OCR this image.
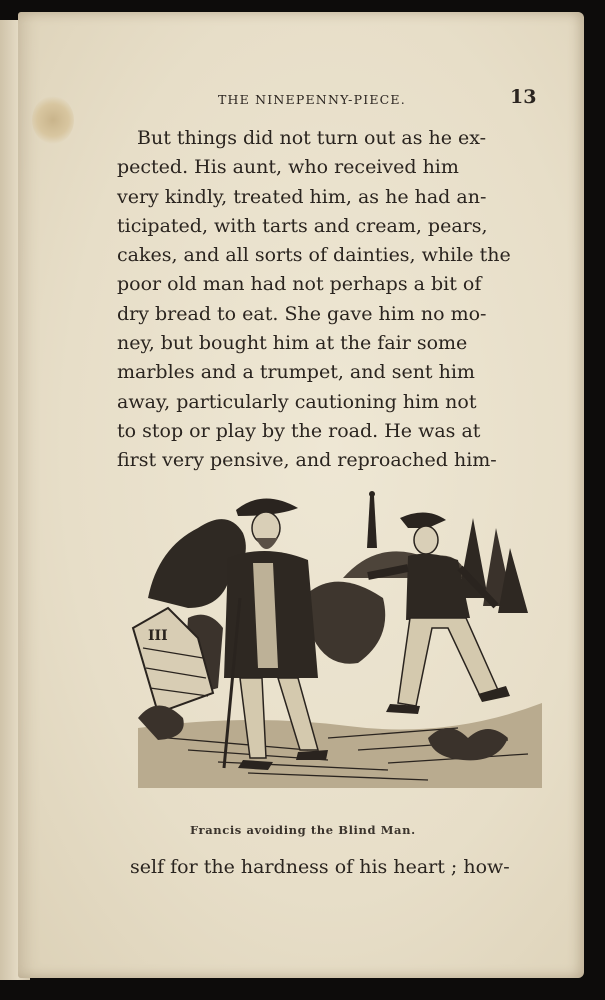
THE NINEPENNY-PIECE.	13
But things did not turn out as he ex-
pected. His aunt, who received him
very kindly, treated him, as he had an-
ticipated, with tarts and cream, pears,
cakes, and all sorts of dainties, while the
poor old man had not perhaps a bit of
dry bread to eat. She gave him no mo-
ney, but bought him at the fair some
marbles and a trumpet, and sent him
away, particularly cautioning him not
to stop or play by the road. He was at
first very pensive, and reproached him-
III
Francis avoiding the Blind Man.
self for the hardness of his heart ; how-
